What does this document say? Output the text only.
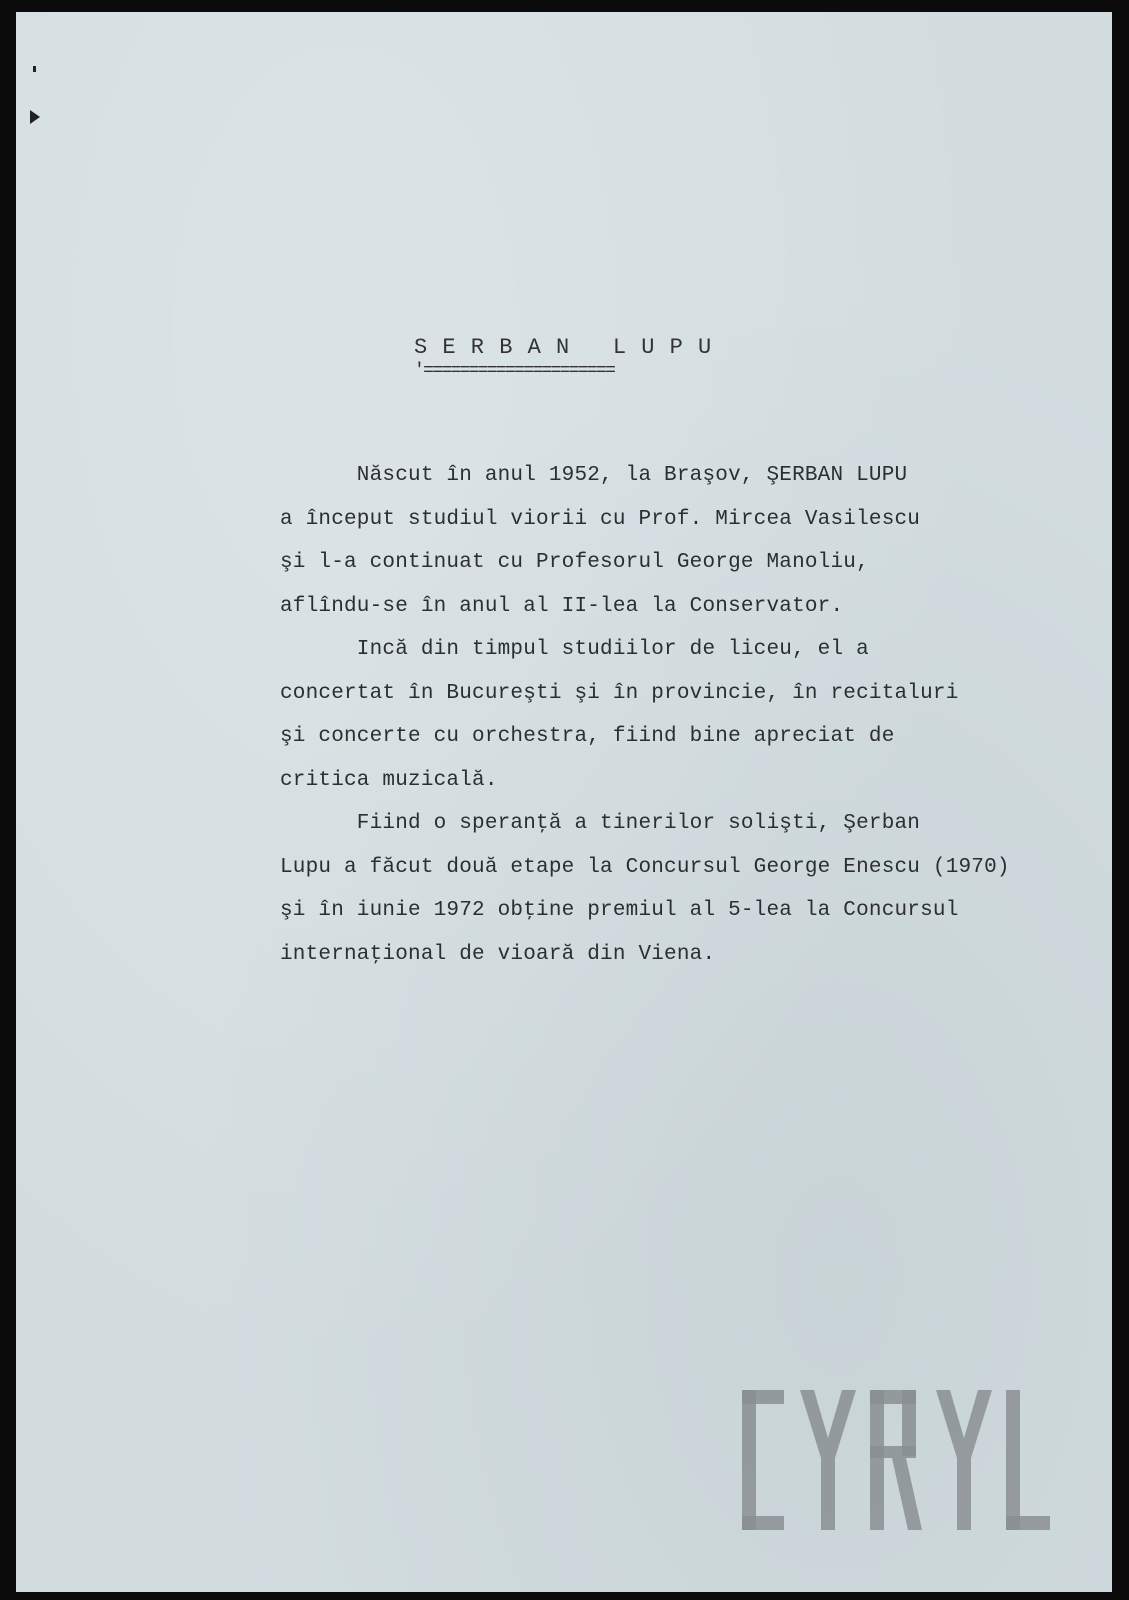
S E R B A N   L U P U
'=====================
Născut în anul 1952, la Braşov, ŞERBAN LUPU
a început studiul viorii cu Prof. Mircea Vasilescu
şi l-a continuat cu Profesorul George Manoliu,
aflîndu-se în anul al II-lea la Conservator.
Incă din timpul studiilor de liceu, el a
concertat în Bucureşti şi în provincie, în recitaluri
şi concerte cu orchestra, fiind bine apreciat de
critica muzicală.
Fiind o speranţă a tinerilor solişti, Şerban
Lupu a făcut două etape la Concursul George Enescu (1970)
şi în iunie 1972 obţine premiul al 5-lea la Concursul
internaţional de vioară din Viena.
